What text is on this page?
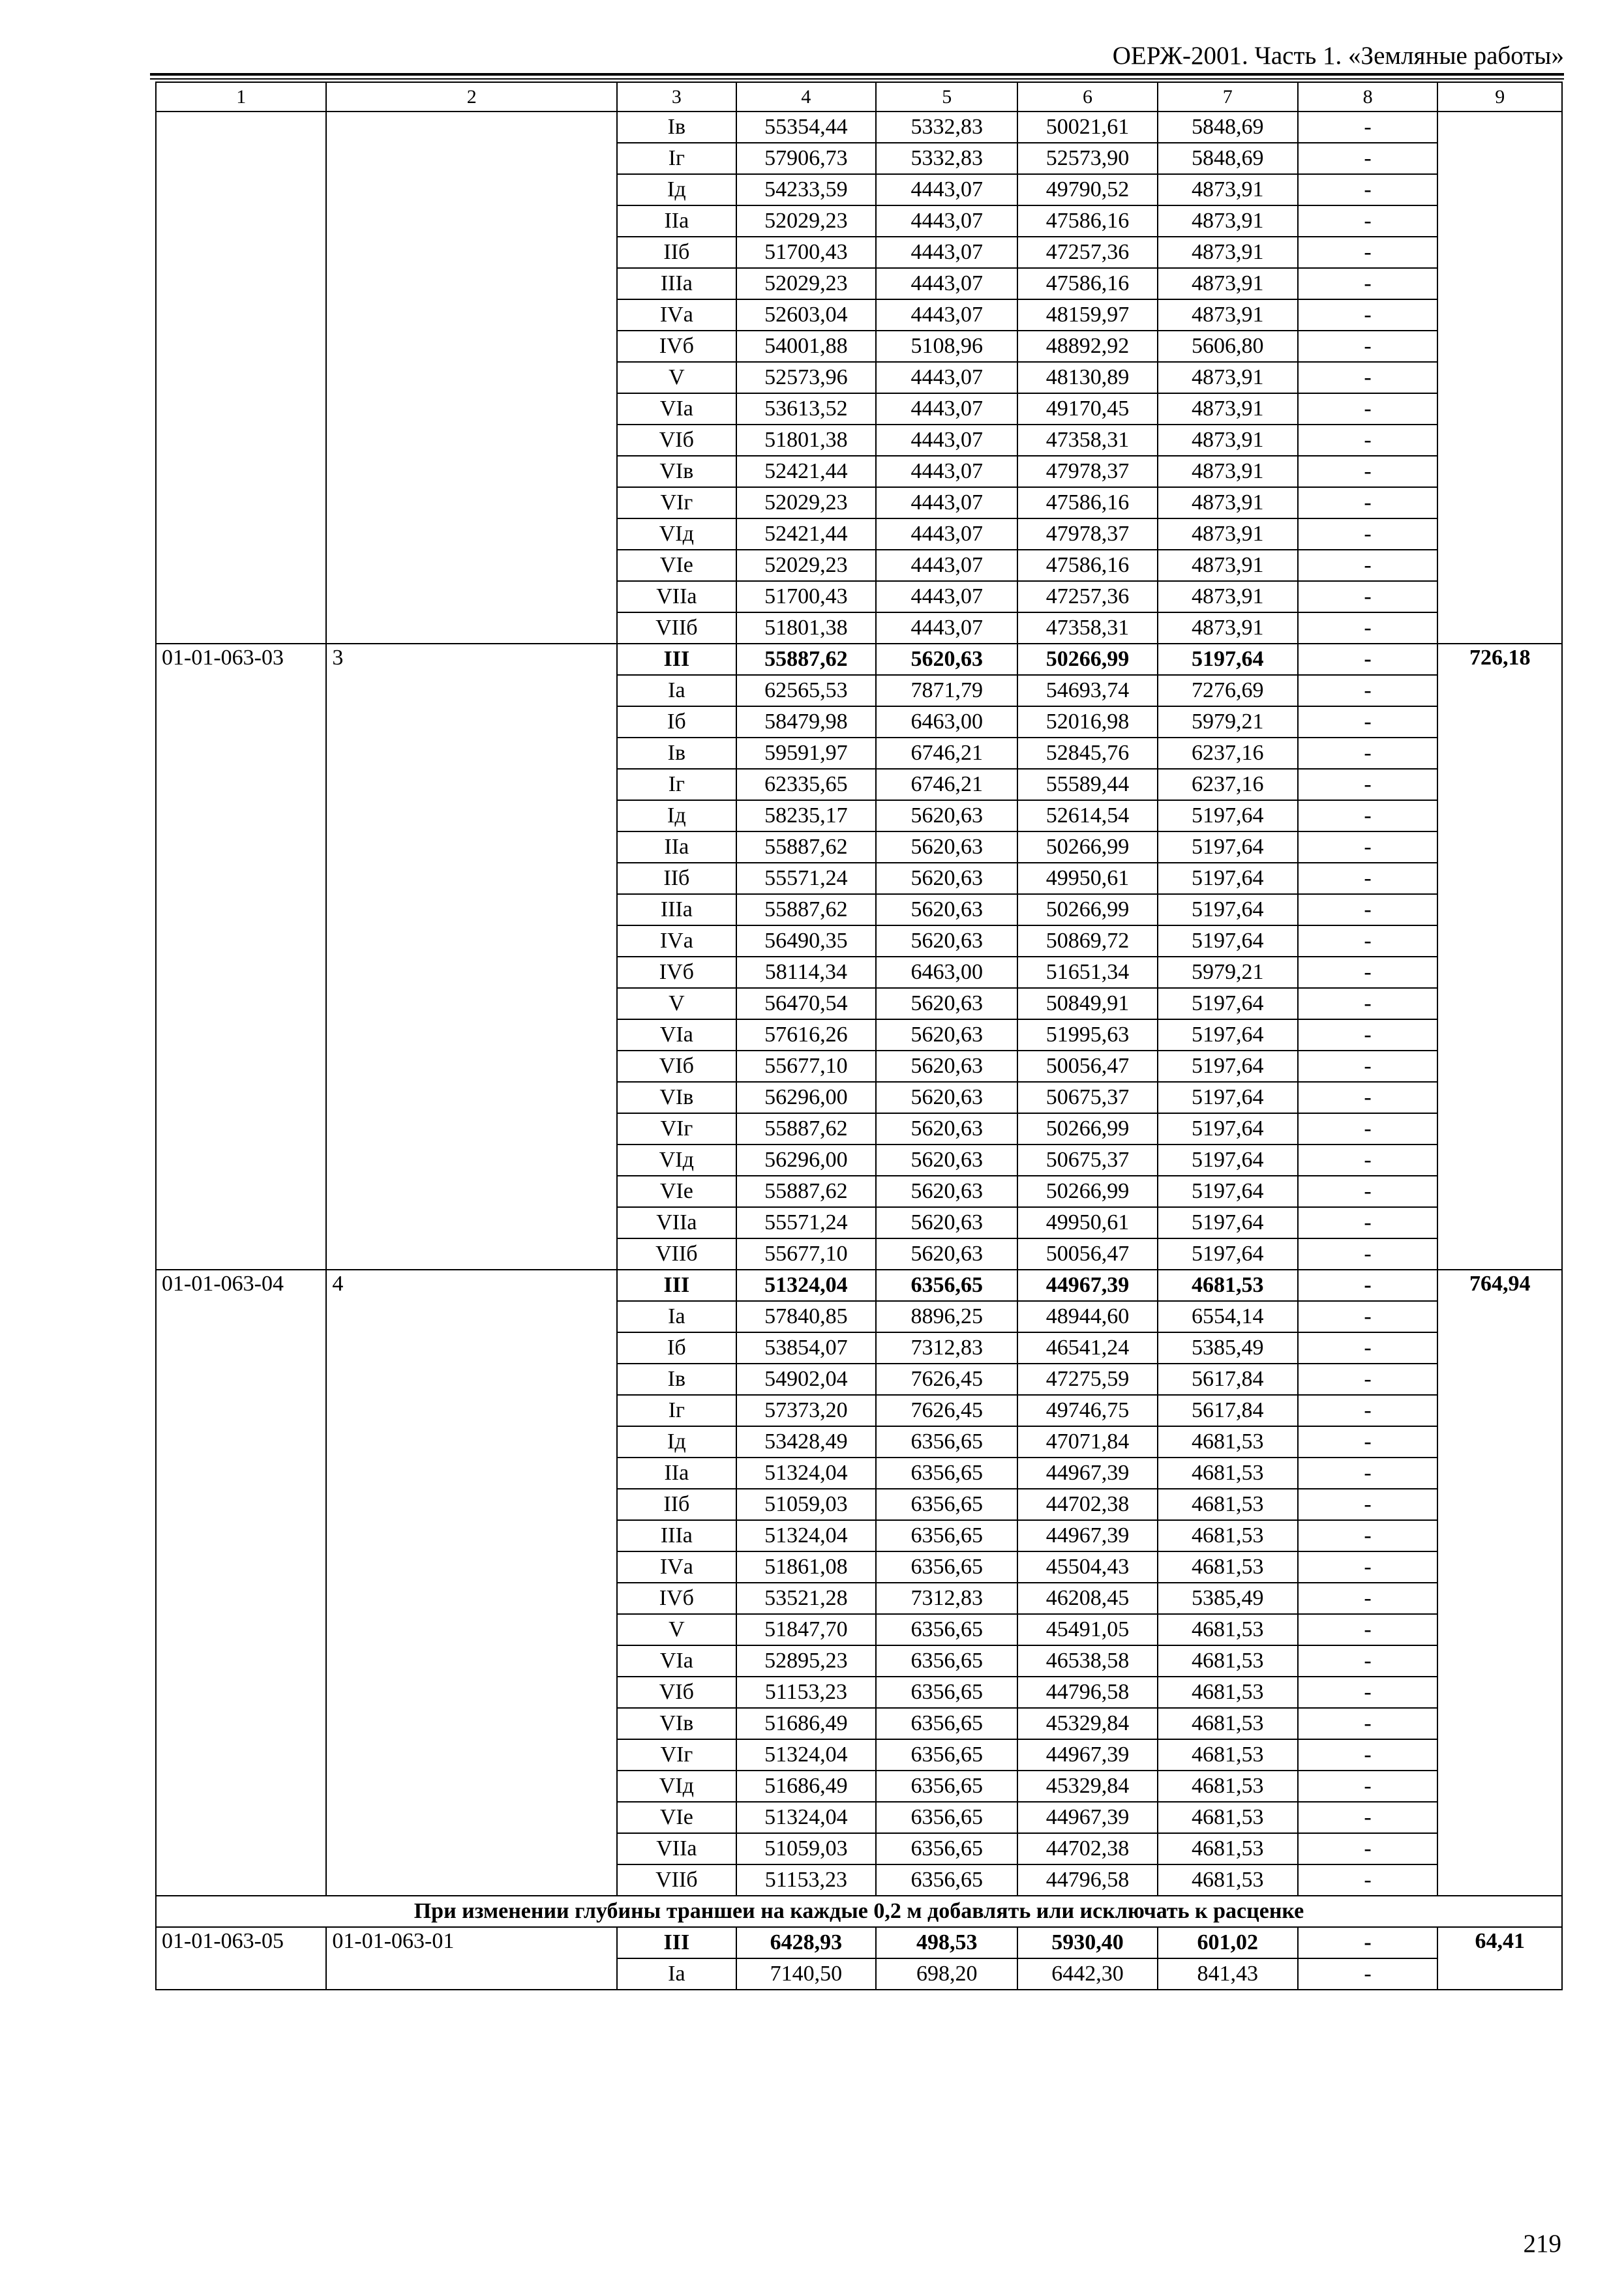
ОЕРЖ-2001. Часть 1. «Земляные работы»
1	2	3	4	5	6	7	8	9
		Iв	55354,44	5332,83	50021,61	5848,69	-	
		Iг	57906,73	5332,83	52573,90	5848,69	-	
		Iд	54233,59	4443,07	49790,52	4873,91	-	
		IIа	52029,23	4443,07	47586,16	4873,91	-	
		IIб	51700,43	4443,07	47257,36	4873,91	-	
		IIIа	52029,23	4443,07	47586,16	4873,91	-	
		IVа	52603,04	4443,07	48159,97	4873,91	-	
		IVб	54001,88	5108,96	48892,92	5606,80	-	
		V	52573,96	4443,07	48130,89	4873,91	-	
		VIа	53613,52	4443,07	49170,45	4873,91	-	
		VIб	51801,38	4443,07	47358,31	4873,91	-	
		VIв	52421,44	4443,07	47978,37	4873,91	-	
		VIг	52029,23	4443,07	47586,16	4873,91	-	
		VIд	52421,44	4443,07	47978,37	4873,91	-	
		VIе	52029,23	4443,07	47586,16	4873,91	-	
		VIIа	51700,43	4443,07	47257,36	4873,91	-	
		VIIб	51801,38	4443,07	47358,31	4873,91	-	
01-01-063-03	3	III	55887,62	5620,63	50266,99	5197,64	-	726,18
		Iа	62565,53	7871,79	54693,74	7276,69	-	
		Iб	58479,98	6463,00	52016,98	5979,21	-	
		Iв	59591,97	6746,21	52845,76	6237,16	-	
		Iг	62335,65	6746,21	55589,44	6237,16	-	
		Iд	58235,17	5620,63	52614,54	5197,64	-	
		IIа	55887,62	5620,63	50266,99	5197,64	-	
		IIб	55571,24	5620,63	49950,61	5197,64	-	
		IIIа	55887,62	5620,63	50266,99	5197,64	-	
		IVа	56490,35	5620,63	50869,72	5197,64	-	
		IVб	58114,34	6463,00	51651,34	5979,21	-	
		V	56470,54	5620,63	50849,91	5197,64	-	
		VIа	57616,26	5620,63	51995,63	5197,64	-	
		VIб	55677,10	5620,63	50056,47	5197,64	-	
		VIв	56296,00	5620,63	50675,37	5197,64	-	
		VIг	55887,62	5620,63	50266,99	5197,64	-	
		VIд	56296,00	5620,63	50675,37	5197,64	-	
		VIе	55887,62	5620,63	50266,99	5197,64	-	
		VIIа	55571,24	5620,63	49950,61	5197,64	-	
		VIIб	55677,10	5620,63	50056,47	5197,64	-	
01-01-063-04	4	III	51324,04	6356,65	44967,39	4681,53	-	764,94
		Iа	57840,85	8896,25	48944,60	6554,14	-	
		Iб	53854,07	7312,83	46541,24	5385,49	-	
		Iв	54902,04	7626,45	47275,59	5617,84	-	
		Iг	57373,20	7626,45	49746,75	5617,84	-	
		Iд	53428,49	6356,65	47071,84	4681,53	-	
		IIа	51324,04	6356,65	44967,39	4681,53	-	
		IIб	51059,03	6356,65	44702,38	4681,53	-	
		IIIа	51324,04	6356,65	44967,39	4681,53	-	
		IVа	51861,08	6356,65	45504,43	4681,53	-	
		IVб	53521,28	7312,83	46208,45	5385,49	-	
		V	51847,70	6356,65	45491,05	4681,53	-	
		VIа	52895,23	6356,65	46538,58	4681,53	-	
		VIб	51153,23	6356,65	44796,58	4681,53	-	
		VIв	51686,49	6356,65	45329,84	4681,53	-	
		VIг	51324,04	6356,65	44967,39	4681,53	-	
		VIд	51686,49	6356,65	45329,84	4681,53	-	
		VIе	51324,04	6356,65	44967,39	4681,53	-	
		VIIа	51059,03	6356,65	44702,38	4681,53	-	
		VIIб	51153,23	6356,65	44796,58	4681,53	-	
При изменении глубины траншеи на каждые 0,2 м добавлять или исключать к расценке								
01-01-063-05	01-01-063-01	III	6428,93	498,53	5930,40	601,02	-	64,41
		Iа	7140,50	698,20	6442,30	841,43	-	
219
